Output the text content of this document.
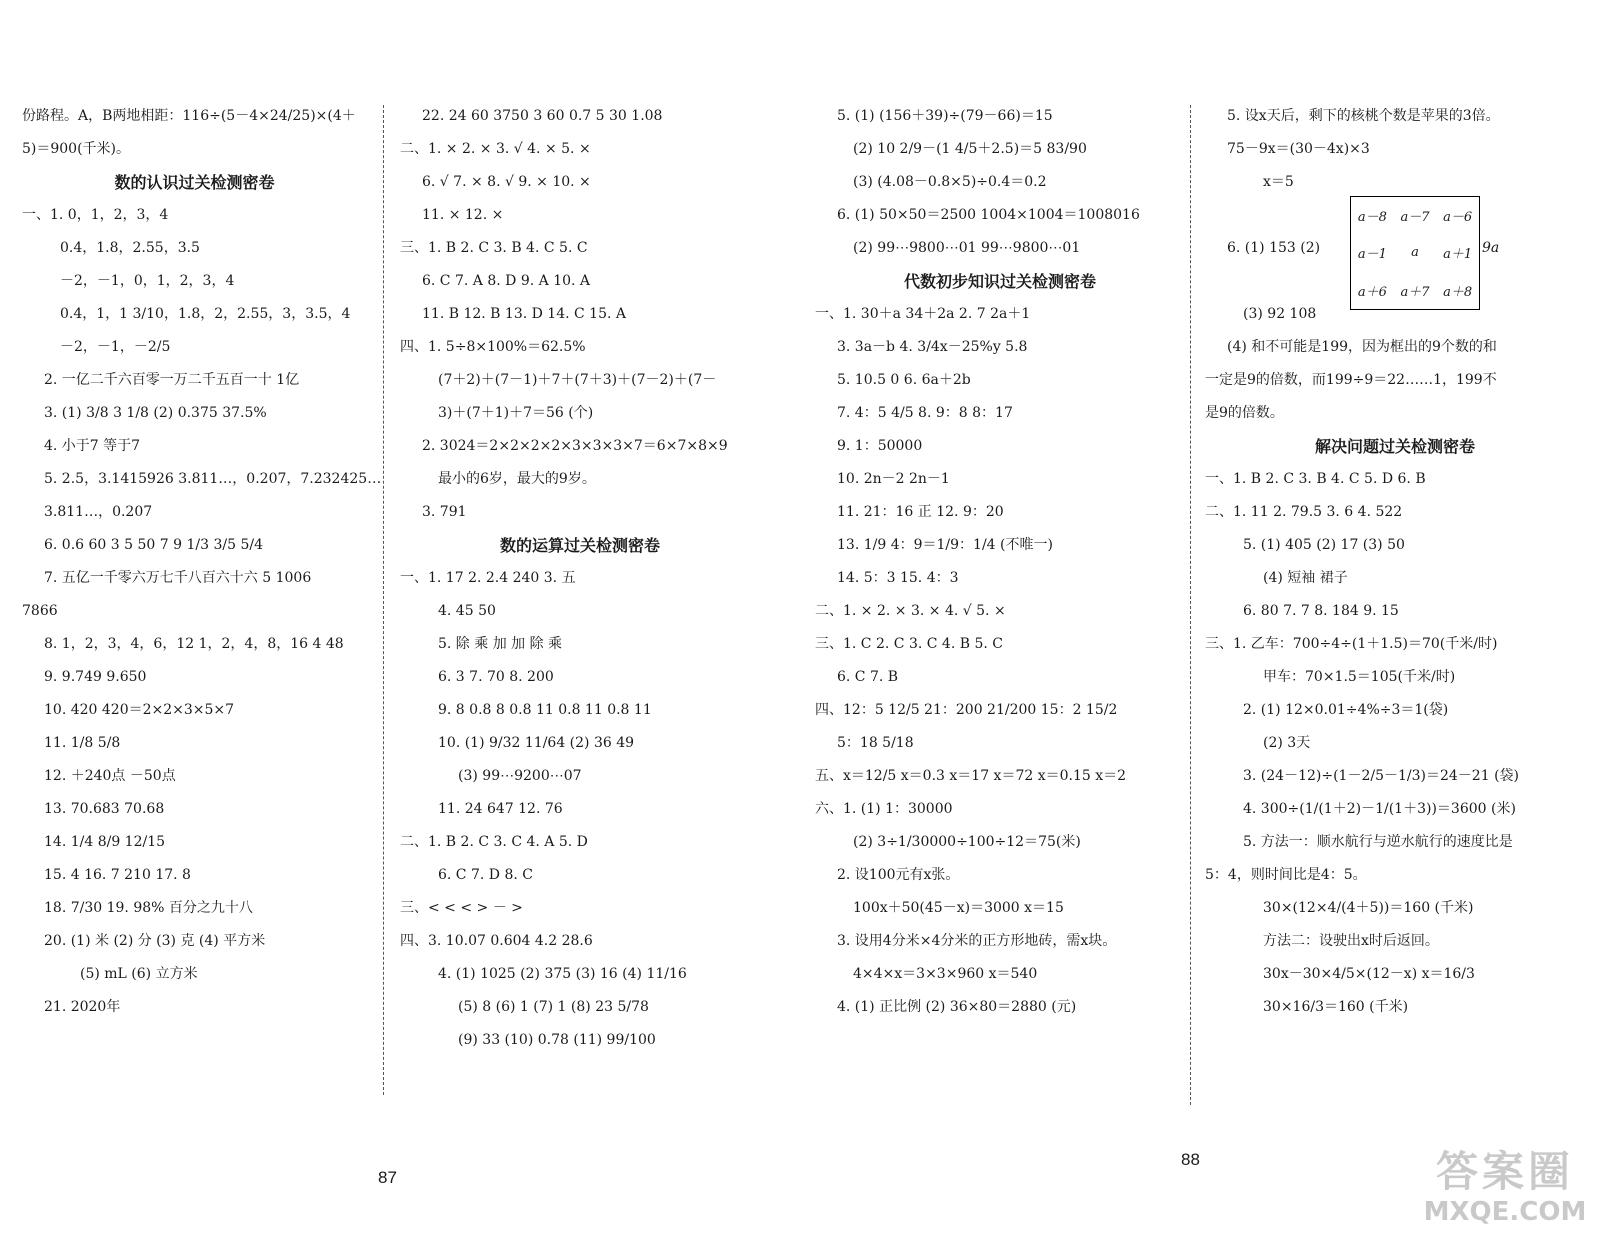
份路程。A，B两地相距：116÷(5－4×24/25)×(4＋
5)＝900(千米)。
数的认识过关检测密卷
一、1. 0，1，2，3，4
0.4，1.8，2.55，3.5
－2，－1，0，1，2，3，4
0.4，1，1 3/10，1.8，2，2.55，3，3.5，4
－2，－1，－2/5
2. 一亿二千六百零一万二千五百一十 1亿
3. (1) 3/8 3 1/8 (2) 0.375 37.5%
4. 小于7 等于7
5. 2.5，3.1415926 3.811…，0.207，7.232425…
3.811…，0.207
6. 0.6 60 3 5 50 7 9 1/3 3/5 5/4
7. 五亿一千零六万七千八百六十六 5 1006
7866
8. 1，2，3，4，6，12 1，2，4，8，16 4 48
9. 9.749 9.650
10. 420 420＝2×2×3×5×7
11. 1/8 5/8
12. ＋240点 －50点
13. 70.683 70.68
14. 1/4 8/9 12/15
15. 4 16. 7 210 17. 8
18. 7/30 19. 98% 百分之九十八
20. (1) 米 (2) 分 (3) 克 (4) 平方米
(5) mL (6) 立方米
21. 2020年
22. 24 60 3750 3 60 0.7 5 30 1.08
二、1. × 2. × 3. √ 4. × 5. ×
6. √ 7. × 8. √ 9. × 10. ×
11. × 12. ×
三、1. B 2. C 3. B 4. C 5. C
6. C 7. A 8. D 9. A 10. A
11. B 12. B 13. D 14. C 15. A
四、1. 5÷8×100%＝62.5%
(7＋2)＋(7－1)＋7＋(7＋3)＋(7－2)＋(7－
3)＋(7＋1)＋7＝56 (个)
2. 3024＝2×2×2×2×3×3×3×7＝6×7×8×9
最小的6岁，最大的9岁。
3. 791
数的运算过关检测密卷
一、1. 17 2. 2.4 240 3. 五
4. 45 50
5. 除 乘 加 加 除 乘
6. 3 7. 70 8. 200
9. 8 0.8 8 0.8 11 0.8 11 0.8 11
10. (1) 9/32 11/64 (2) 36 49
(3) 99⋯9200⋯07
11. 24 647 12. 76
二、1. B 2. C 3. C 4. A 5. D
6. C 7. D 8. C
三、< < < > － >
四、3. 10.07 0.604 4.2 28.6
4. (1) 1025 (2) 375 (3) 16 (4) 11/16
(5) 8 (6) 1 (7) 1 (8) 23 5/78
(9) 33 (10) 0.78 (11) 99/100
5. (1) (156＋39)÷(79－66)＝15
(2) 10 2/9－(1 4/5＋2.5)＝5 83/90
(3) (4.08－0.8×5)÷0.4＝0.2
6. (1) 50×50＝2500 1004×1004＝1008016
(2) 99⋯9800⋯01 99⋯9800⋯01
代数初步知识过关检测密卷
一、1. 30＋a 34＋2a 2. 7 2a＋1
3. 3a－b 4. 3/4x－25%y 5.8
5. 10.5 0 6. 6a＋2b
7. 4：5 4/5 8. 9：8 8：17
9. 1：50000
10. 2n－2 2n－1
11. 21：16 正 12. 9：20
13. 1/9 4：9＝1/9：1/4 (不唯一)
14. 5：3 15. 4：3
二、1. × 2. × 3. × 4. √ 5. ×
三、1. C 2. C 3. C 4. B 5. C
6. C 7. B
四、12：5 12/5 21：200 21/200 15：2 15/2
5：18 5/18
五、x＝12/5 x＝0.3 x＝17 x＝72 x＝0.15 x＝2
六、1. (1) 1：30000
(2) 3÷1/30000÷100÷12＝75(米)
2. 设100元有x张。
100x＋50(45－x)＝3000 x＝15
3. 设用4分米×4分米的正方形地砖，需x块。
4×4×x＝3×3×960 x＝540
4. (1) 正比例 (2) 36×80＝2880 (元)
5. 设x天后，剩下的核桃个数是苹果的3倍。
75－9x＝(30－4x)×3
x＝5
6. (1) 153 (2)
(3) 92 108
(4) 和不可能是199，因为框出的9个数的和
一定是9的倍数，而199÷9＝22……1，199不
是9的倍数。
解决问题过关检测密卷
一、1. B 2. C 3. B 4. C 5. D 6. B
二、1. 11 2. 79.5 3. 6 4. 522
5. (1) 405 (2) 17 (3) 50
(4) 短袖 裙子
6. 80 7. 7 8. 184 9. 15
三、1. 乙车：700÷4÷(1＋1.5)＝70(千米/时)
甲车：70×1.5＝105(千米/时)
2. (1) 12×0.01÷4%÷3＝1(袋)
(2) 3天
3. (24－12)÷(1－2/5－1/3)＝24－21 (袋)
4. 300÷(1/(1＋2)－1/(1＋3))＝3600 (米)
5. 方法一：顺水航行与逆水航行的速度比是
5：4，则时间比是4：5。
30×(12×4/(4＋5))＝160 (千米)
方法二：设驶出x时后返回。
30x－30×4/5×(12－x) x＝16/3
30×16/3＝160 (千米)
a－8	a－7	a－6
a－1	a	a＋1
a＋6	a＋7	a＋8
9a
87
88	答案圈
MXQE.COM
